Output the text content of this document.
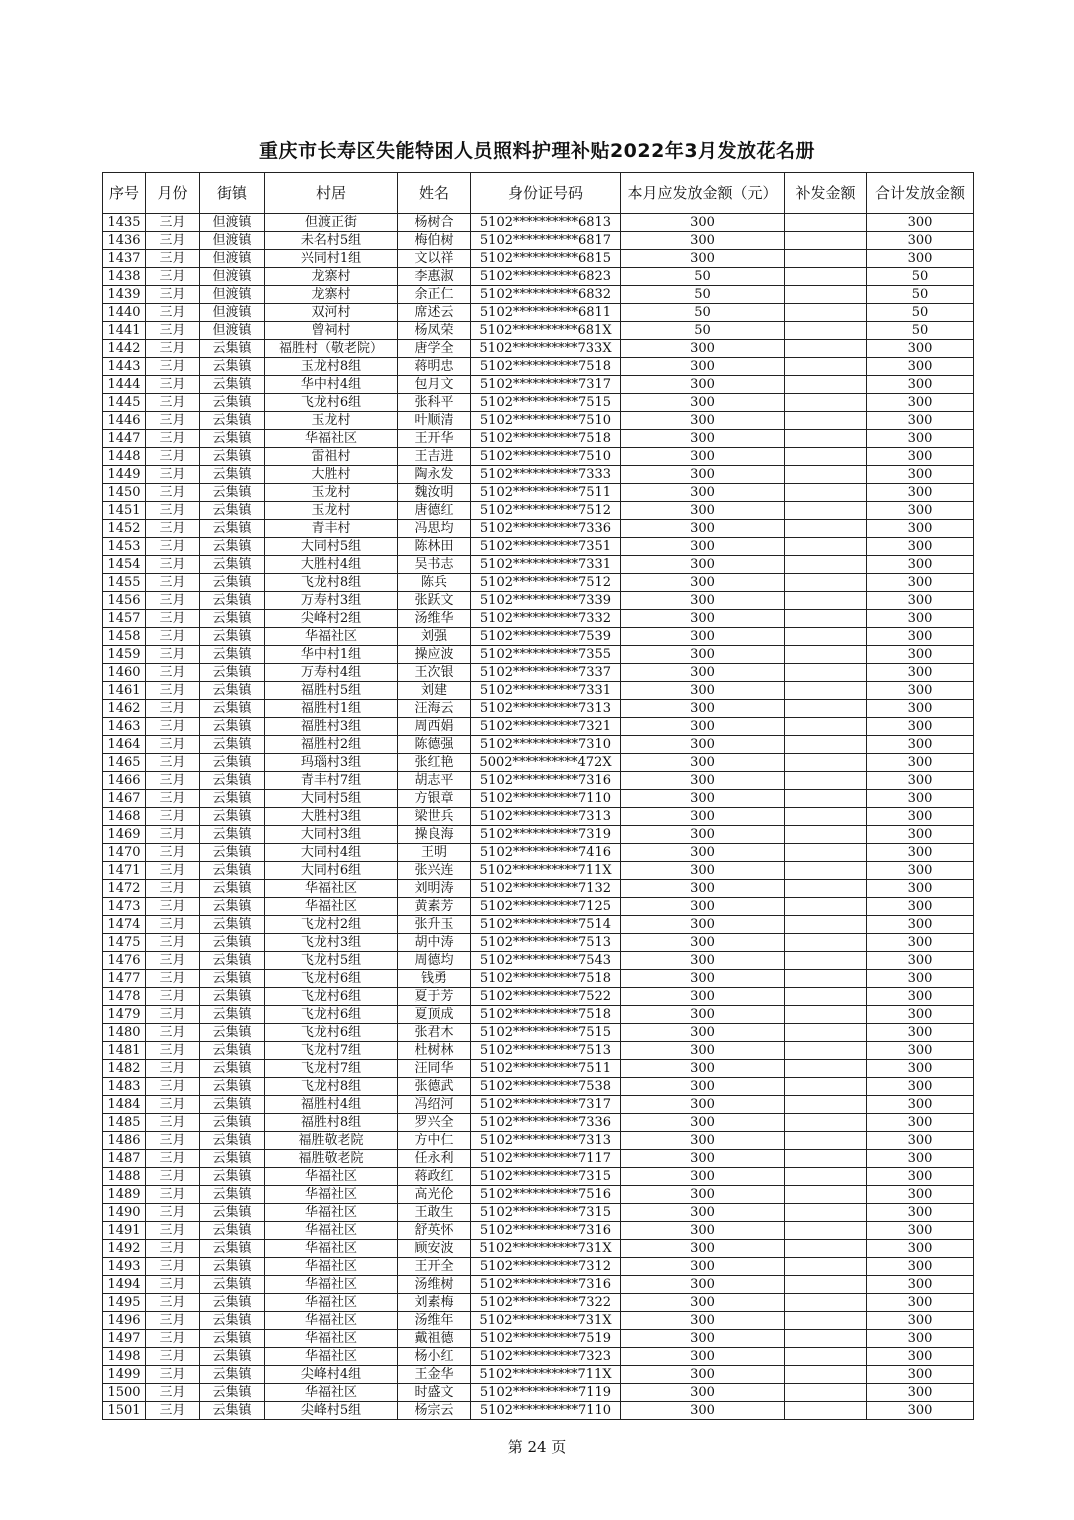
重庆市长寿区失能特困人员照料护理补贴2022年3月发放花名册
序号	月份	街镇	村居	姓名	身份证号码	本月应发放金额（元）	补发金额	合计发放金额
1435	三月	但渡镇	但渡正街	杨树合	5102**********6813	300		300
1436	三月	但渡镇	未名村5组	梅伯树	5102**********6817	300		300
1437	三月	但渡镇	兴同村1组	文以祥	5102**********6815	300		300
1438	三月	但渡镇	龙寨村	李惠淑	5102**********6823	50		50
1439	三月	但渡镇	龙寨村	余正仁	5102**********6832	50		50
1440	三月	但渡镇	双河村	席述云	5102**********6811	50		50
1441	三月	但渡镇	曾祠村	杨凤荣	5102**********681X	50		50
1442	三月	云集镇	福胜村（敬老院）	唐学全	5102**********733X	300		300
1443	三月	云集镇	玉龙村8组	蒋明忠	5102**********7518	300		300
1444	三月	云集镇	华中村4组	包月文	5102**********7317	300		300
1445	三月	云集镇	飞龙村6组	张科平	5102**********7515	300		300
1446	三月	云集镇	玉龙村	叶顺清	5102**********7510	300		300
1447	三月	云集镇	华福社区	王开华	5102**********7518	300		300
1448	三月	云集镇	雷祖村	王吉进	5102**********7510	300		300
1449	三月	云集镇	大胜村	陶永发	5102**********7333	300		300
1450	三月	云集镇	玉龙村	魏汝明	5102**********7511	300		300
1451	三月	云集镇	玉龙村	唐德红	5102**********7512	300		300
1452	三月	云集镇	青丰村	冯思均	5102**********7336	300		300
1453	三月	云集镇	大同村5组	陈林田	5102**********7351	300		300
1454	三月	云集镇	大胜村4组	吴书志	5102**********7331	300		300
1455	三月	云集镇	飞龙村8组	陈兵	5102**********7512	300		300
1456	三月	云集镇	万寿村3组	张跃文	5102**********7339	300		300
1457	三月	云集镇	尖峰村2组	汤维华	5102**********7332	300		300
1458	三月	云集镇	华福社区	刘强	5102**********7539	300		300
1459	三月	云集镇	华中村1组	操应波	5102**********7355	300		300
1460	三月	云集镇	万寿村4组	王次银	5102**********7337	300		300
1461	三月	云集镇	福胜村5组	刘建	5102**********7331	300		300
1462	三月	云集镇	福胜村1组	汪海云	5102**********7313	300		300
1463	三月	云集镇	福胜村3组	周西娟	5102**********7321	300		300
1464	三月	云集镇	福胜村2组	陈德强	5102**********7310	300		300
1465	三月	云集镇	玛瑙村3组	张红艳	5002**********472X	300		300
1466	三月	云集镇	青丰村7组	胡志平	5102**********7316	300		300
1467	三月	云集镇	大同村5组	方银章	5102**********7110	300		300
1468	三月	云集镇	大胜村3组	梁世兵	5102**********7313	300		300
1469	三月	云集镇	大同村3组	操良海	5102**********7319	300		300
1470	三月	云集镇	大同村4组	王明	5102**********7416	300		300
1471	三月	云集镇	大同村6组	张兴连	5102**********711X	300		300
1472	三月	云集镇	华福社区	刘明涛	5102**********7132	300		300
1473	三月	云集镇	华福社区	黄素芳	5102**********7125	300		300
1474	三月	云集镇	飞龙村2组	张升玉	5102**********7514	300		300
1475	三月	云集镇	飞龙村3组	胡中涛	5102**********7513	300		300
1476	三月	云集镇	飞龙村5组	周德均	5102**********7543	300		300
1477	三月	云集镇	飞龙村6组	钱勇	5102**********7518	300		300
1478	三月	云集镇	飞龙村6组	夏于芳	5102**********7522	300		300
1479	三月	云集镇	飞龙村6组	夏顶成	5102**********7518	300		300
1480	三月	云集镇	飞龙村6组	张君木	5102**********7515	300		300
1481	三月	云集镇	飞龙村7组	杜树林	5102**********7513	300		300
1482	三月	云集镇	飞龙村7组	汪同华	5102**********7511	300		300
1483	三月	云集镇	飞龙村8组	张德武	5102**********7538	300		300
1484	三月	云集镇	福胜村4组	冯绍河	5102**********7317	300		300
1485	三月	云集镇	福胜村8组	罗兴全	5102**********7336	300		300
1486	三月	云集镇	福胜敬老院	方中仁	5102**********7313	300		300
1487	三月	云集镇	福胜敬老院	任永利	5102**********7117	300		300
1488	三月	云集镇	华福社区	蒋政红	5102**********7315	300		300
1489	三月	云集镇	华福社区	高光伦	5102**********7516	300		300
1490	三月	云集镇	华福社区	王敢生	5102**********7315	300		300
1491	三月	云集镇	华福社区	舒英怀	5102**********7316	300		300
1492	三月	云集镇	华福社区	顾安波	5102**********731X	300		300
1493	三月	云集镇	华福社区	王开全	5102**********7312	300		300
1494	三月	云集镇	华福社区	汤维树	5102**********7316	300		300
1495	三月	云集镇	华福社区	刘素梅	5102**********7322	300		300
1496	三月	云集镇	华福社区	汤维年	5102**********731X	300		300
1497	三月	云集镇	华福社区	戴祖德	5102**********7519	300		300
1498	三月	云集镇	华福社区	杨小红	5102**********7323	300		300
1499	三月	云集镇	尖峰村4组	王金华	5102**********711X	300		300
1500	三月	云集镇	华福社区	时盛文	5102**********7119	300		300
1501	三月	云集镇	尖峰村5组	杨宗云	5102**********7110	300		300
第 24 页
